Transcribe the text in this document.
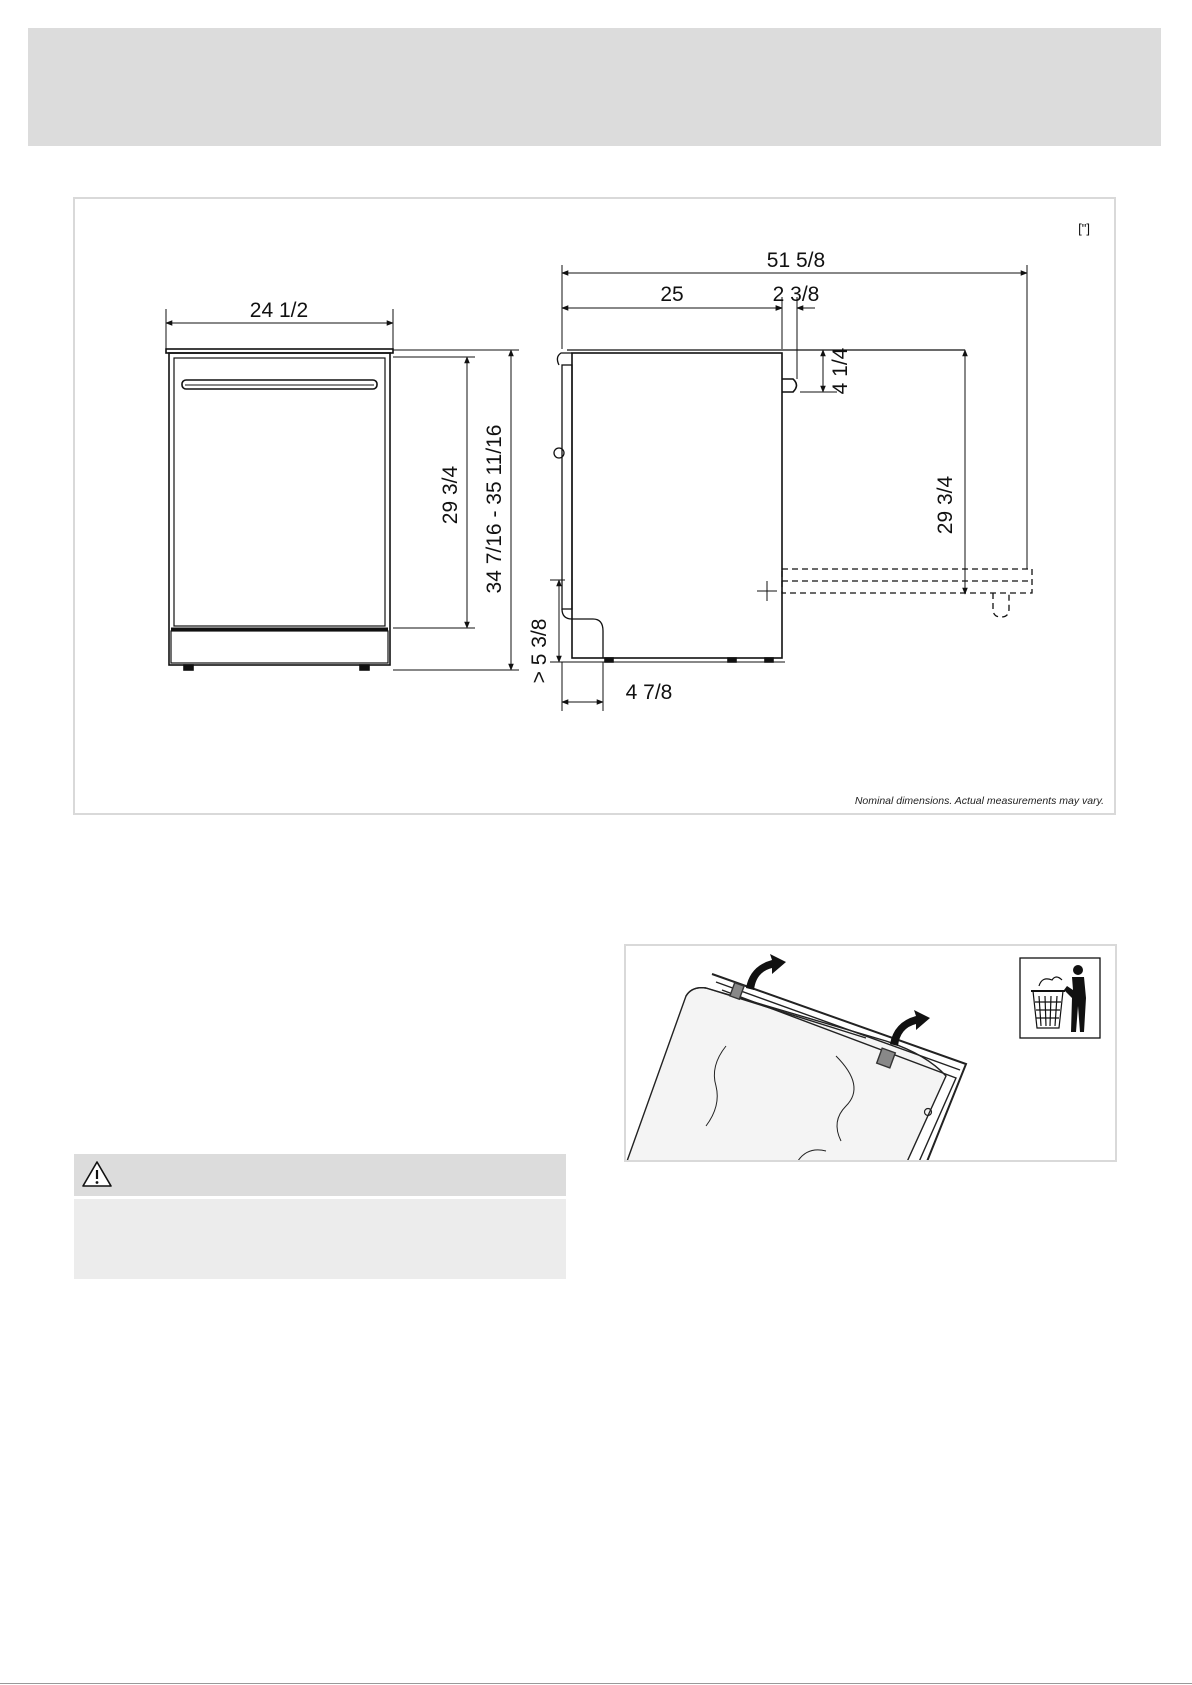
["]
24 1/2
29 3/4 34 7/16 - 35 11/16
51 5/8
25	2 3/8
4 1/4
29 3/4
> 5 3/8
4 7/8
Nominal dimensions. Actual measurements may vary.
